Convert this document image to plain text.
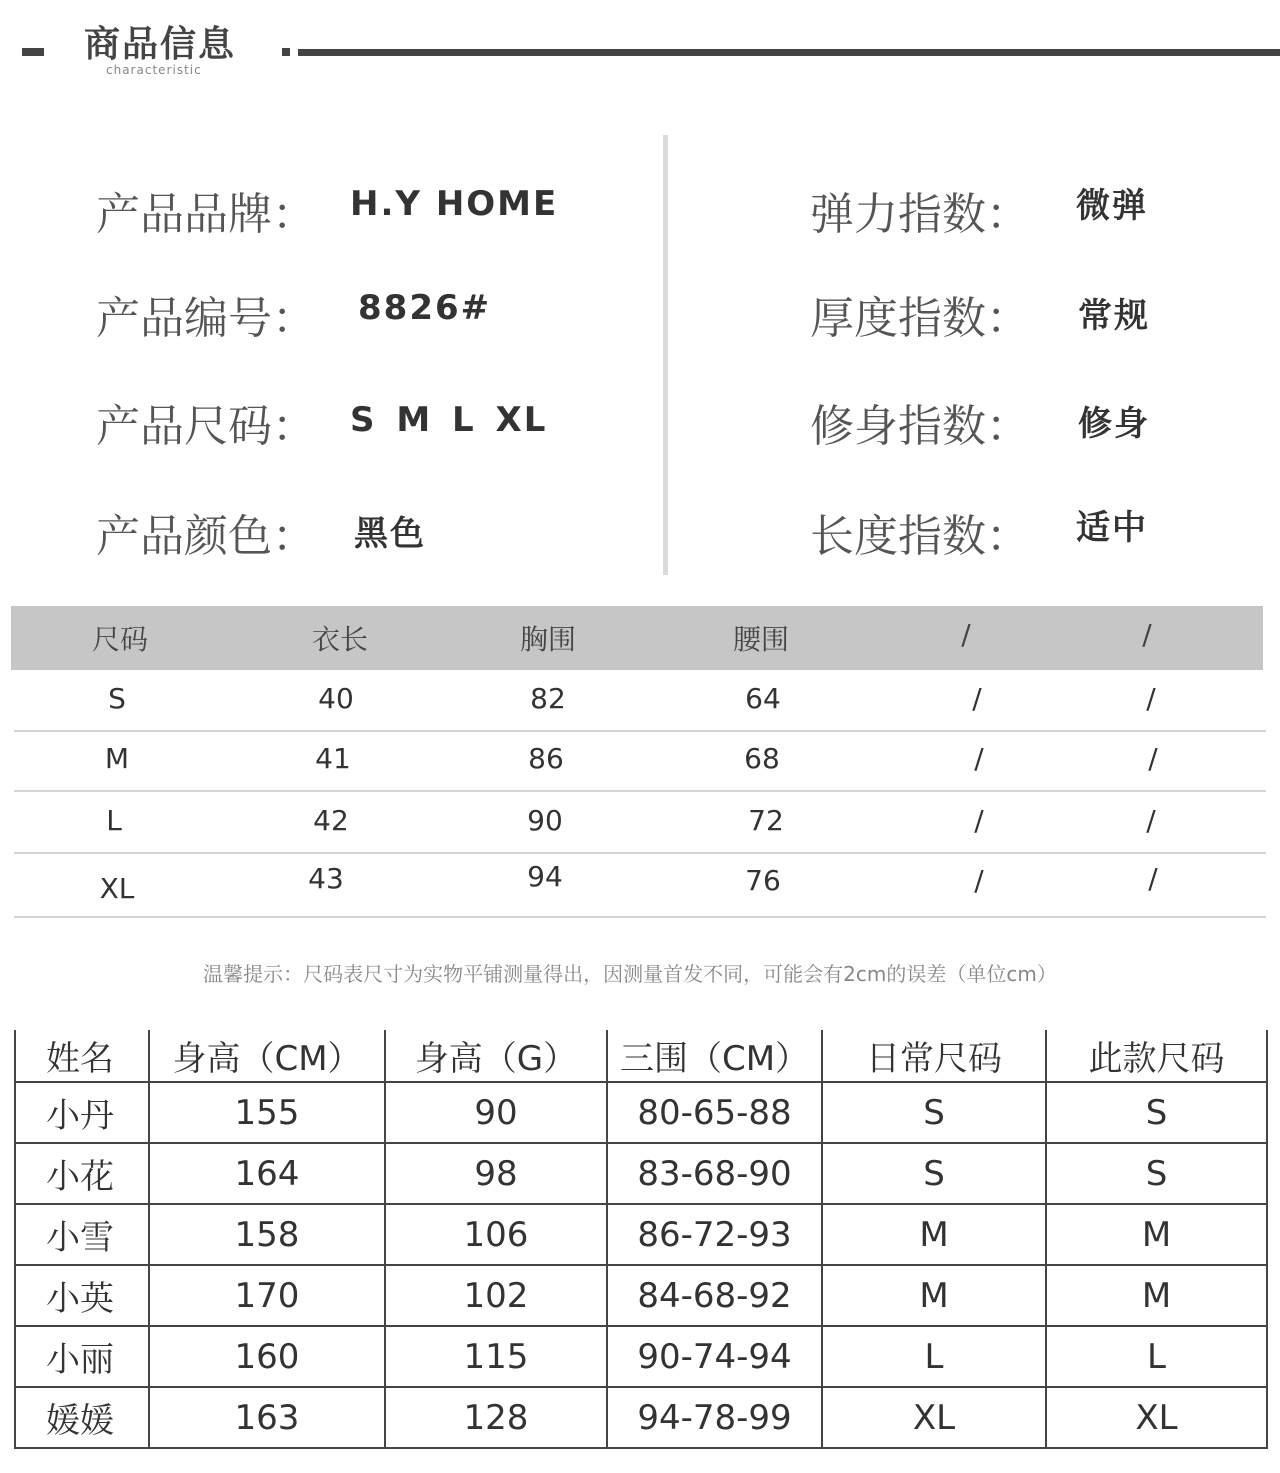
商品信息
characteristic
产品品牌： H.Y HOME
产品编号： 8826#
产品尺码： S M L XL
产品颜色： 黑色
弹力指数： 微弹
厚度指数： 常规
修身指数： 修身
长度指数： 适中
尺码	衣长	胸围	腰围	/	/
S	40	82	64	/	/
M	41	86	68	/	/
L	42	90	72	/	/
XL	43	94	76	/	/
温馨提示：尺码表尺寸为实物平铺测量得出，因测量首发不同，可能会有2cm的误差（单位cm）
姓名	身高（CM）	身高（G）	三围（CM）	日常尺码	此款尺码
小丹	155	90	80-65-88	S	S
小花	164	98	83-68-90	S	S
小雪	158	106	86-72-93	M	M
小英	170	102	84-68-92	M	M
小丽	160	115	90-74-94	L	L
媛媛	163	128	94-78-99	XL	XL
